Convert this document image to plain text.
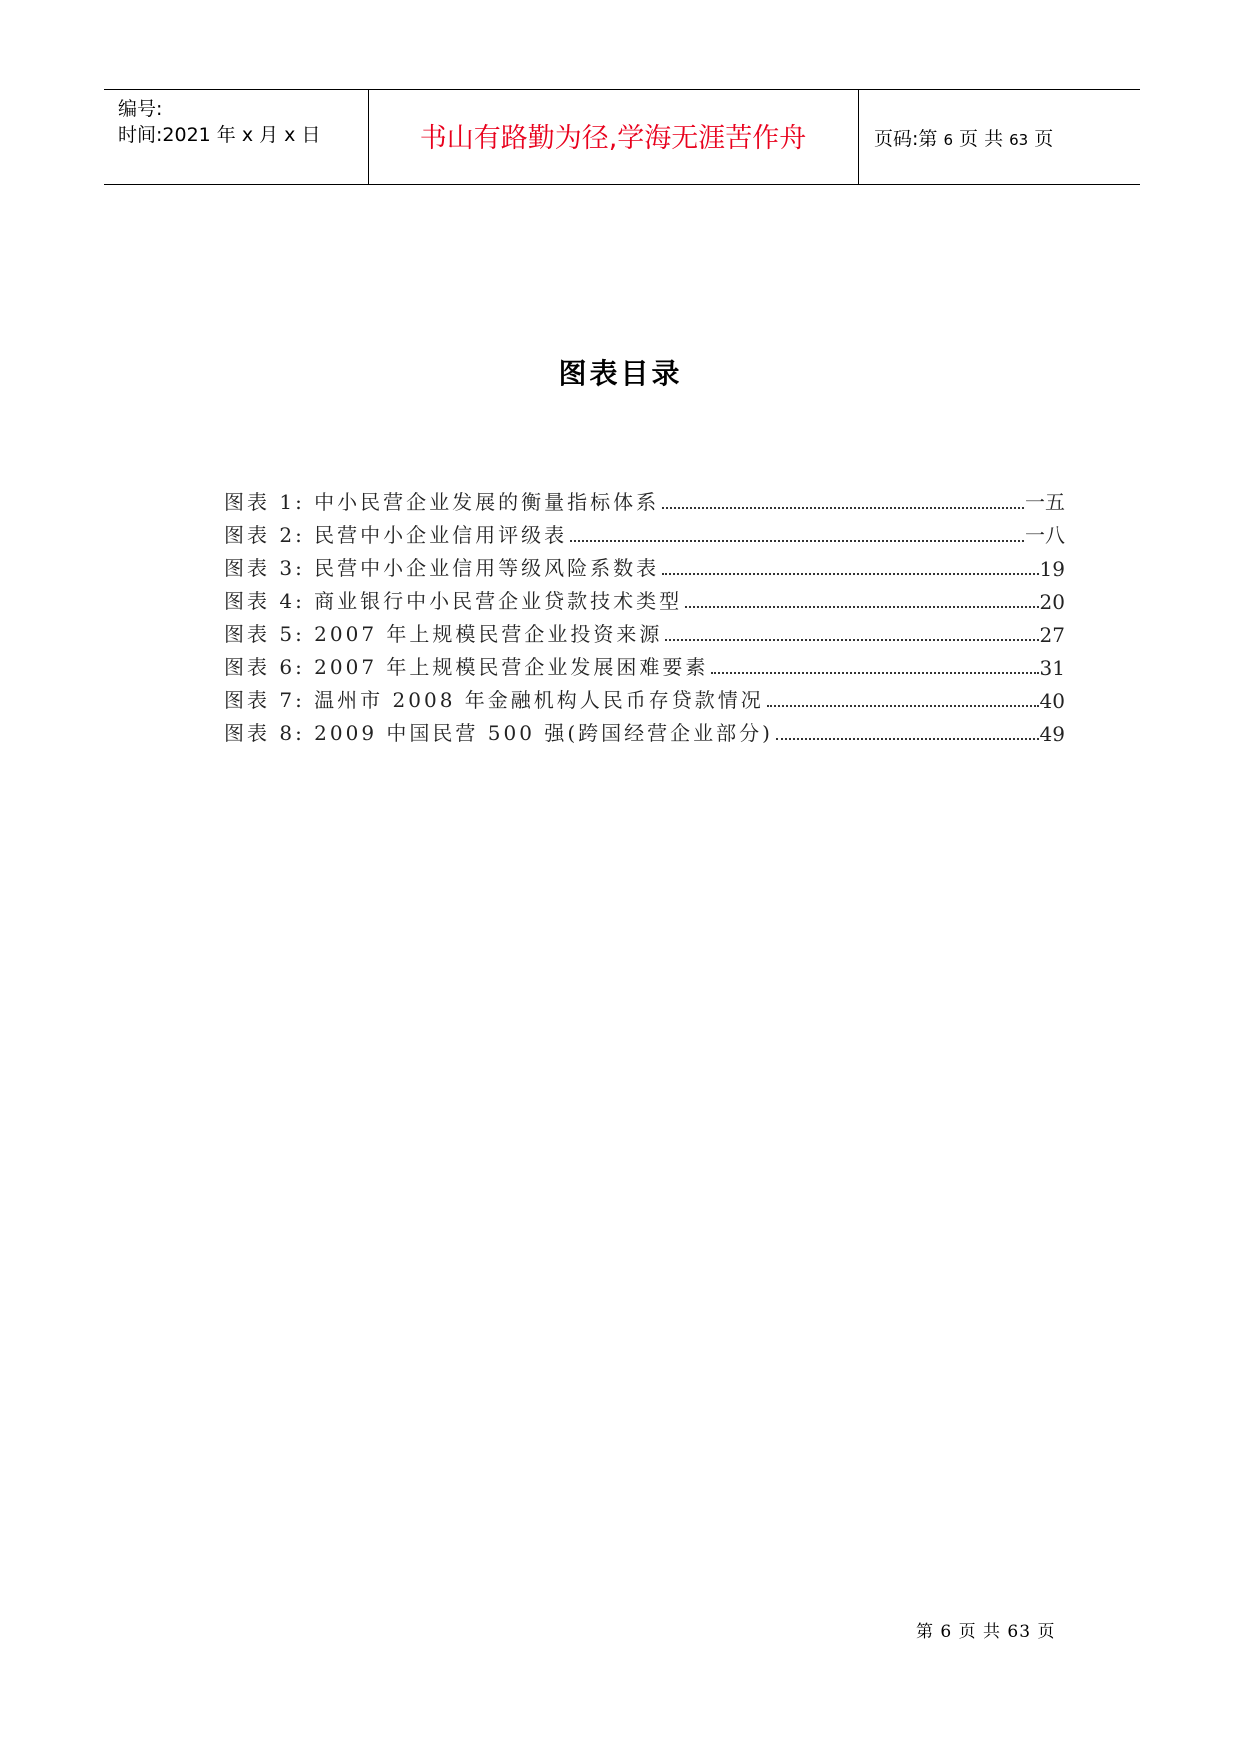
编号:
时间:2021 年 x 月 x 日	书山有路勤为径,学海无涯苦作舟	页码:第 6 页 共 63 页
图表目录
图表 1: 中小民营企业发展的衡量指标体系	一五
图表 2: 民营中小企业信用评级表	一八
图表 3: 民营中小企业信用等级风险系数表	19
图表 4: 商业银行中小民营企业贷款技术类型	20
图表 5: 2007 年上规模民营企业投资来源	27
图表 6: 2007 年上规模民营企业发展困难要素	31
图表 7: 温州市 2008 年金融机构人民币存贷款情况	40
图表 8: 2009 中国民营 500 强(跨国经营企业部分)	49
第 6 页 共 63 页
